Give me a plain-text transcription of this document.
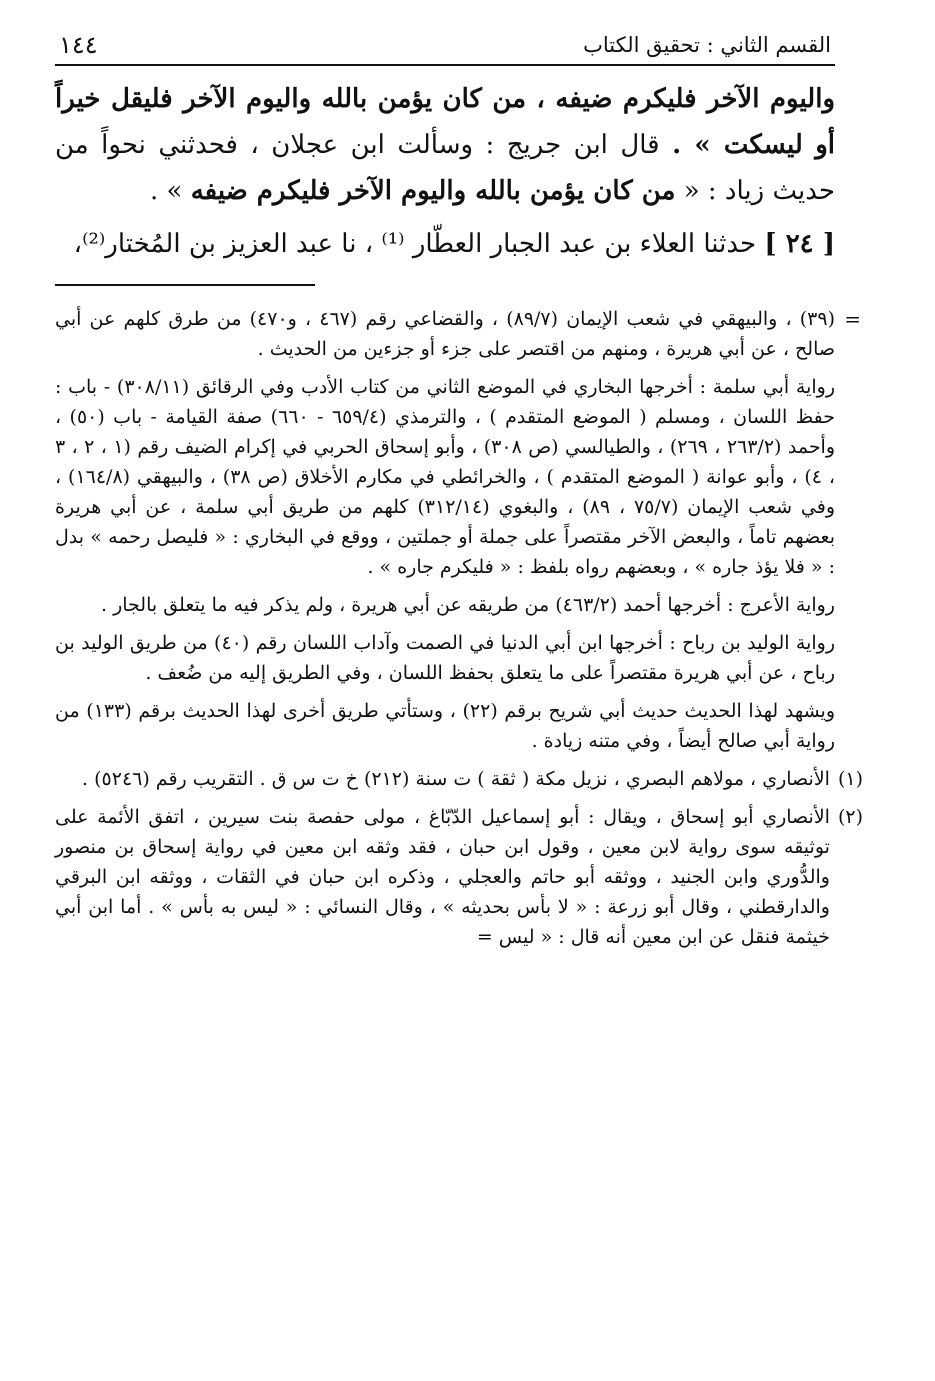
القسم الثاني : تحقيق الكتاب
١٤٤

واليوم الآخر فليكرم ضيفه ، من كان يؤمن بالله واليوم الآخر فليقل خيراً أو ليسكت » . قال ابن جريج : وسألت ابن عجلان ، فحدثني نحواً من حديث زياد : « من كان يؤمن بالله واليوم الآخر فليكرم ضيفه » .

[ ٢٤ ] حدثنا العلاء بن عبد الجبار العطّار ⁽¹⁾ ، نا عبد العزيز بن المُختار⁽²⁾،

=
(٣٩) ، والبيهقي في شعب الإيمان (٨٩/٧) ، والقضاعي رقم (٤٦٧ ، و٤٧٠) من طرق كلهم عن أبي صالح ، عن أبي هريرة ، ومنهم من اقتصر على جزء أو جزءين من الحديث .

رواية أبي سلمة : أخرجها البخاري في الموضع الثاني من كتاب الأدب وفي الرقائق (٣٠٨/١١) - باب : حفظ اللسان ، ومسلم ( الموضع المتقدم ) ، والترمذي (٦٥٩/٤ - ٦٦٠) صفة القيامة - باب (٥٠) ، وأحمد (٢٦٣/٢ ، ٢٦٩) ، والطيالسي (ص ٣٠٨) ، وأبو إسحاق الحربي في إكرام الضيف رقم (١ ، ٢ ، ٣ ، ٤) ، وأبو عوانة ( الموضع المتقدم ) ، والخرائطي في مكارم الأخلاق (ص ٣٨) ، والبيهقي (١٦٤/٨) ، وفي شعب الإيمان (٧٥/٧ ، ٨٩) ، والبغوي (٣١٢/١٤) كلهم من طريق أبي سلمة ، عن أبي هريرة بعضهم تاماً ، والبعض الآخر مقتصراً على جملة أو جملتين ، ووقع في البخاري : « فليصل رحمه » بدل : « فلا يؤذ جاره » ، وبعضهم رواه بلفظ : « فليكرم جاره » .

رواية الأعرج : أخرجها أحمد (٤٦٣/٢) من طريقه عن أبي هريرة ، ولم يذكر فيه ما يتعلق بالجار .

رواية الوليد بن رباح : أخرجها ابن أبي الدنيا في الصمت وآداب اللسان رقم (٤٠) من طريق الوليد بن رباح ، عن أبي هريرة مقتصراً على ما يتعلق بحفظ اللسان ، وفي الطريق إليه من ضُعف .

ويشهد لهذا الحديث حديث أبي شريح برقم (٢٢) ، وستأتي طريق أخرى لهذا الحديث برقم (١٣٣) من رواية أبي صالح أيضاً ، وفي متنه زيادة .

(١)
الأنصاري ، مولاهم البصري ، نزيل مكة ( ثقة ) ت سنة (٢١٢) خ ت س ق . التقريب رقم (٥٢٤٦) .
(٢)
الأنصاري أبو إسحاق ، ويقال : أبو إسماعيل الدّبّاغ ، مولى حفصة بنت سيرين ، اتفق الأئمة على توثيقه سوى رواية لابن معين ، وقول ابن حبان ، فقد وثقه ابن معين في رواية إسحاق بن منصور والدُّوري وابن الجنيد ، ووثقه أبو حاتم والعجلي ، وذكره ابن حبان في الثقات ، ووثقه ابن البرقي والدارقطني ، وقال أبو زرعة : « لا بأس بحديثه » ، وقال النسائي : « ليس به بأس » . أما ابن أبي خيثمة فنقل عن ابن معين أنه قال : « ليس =
